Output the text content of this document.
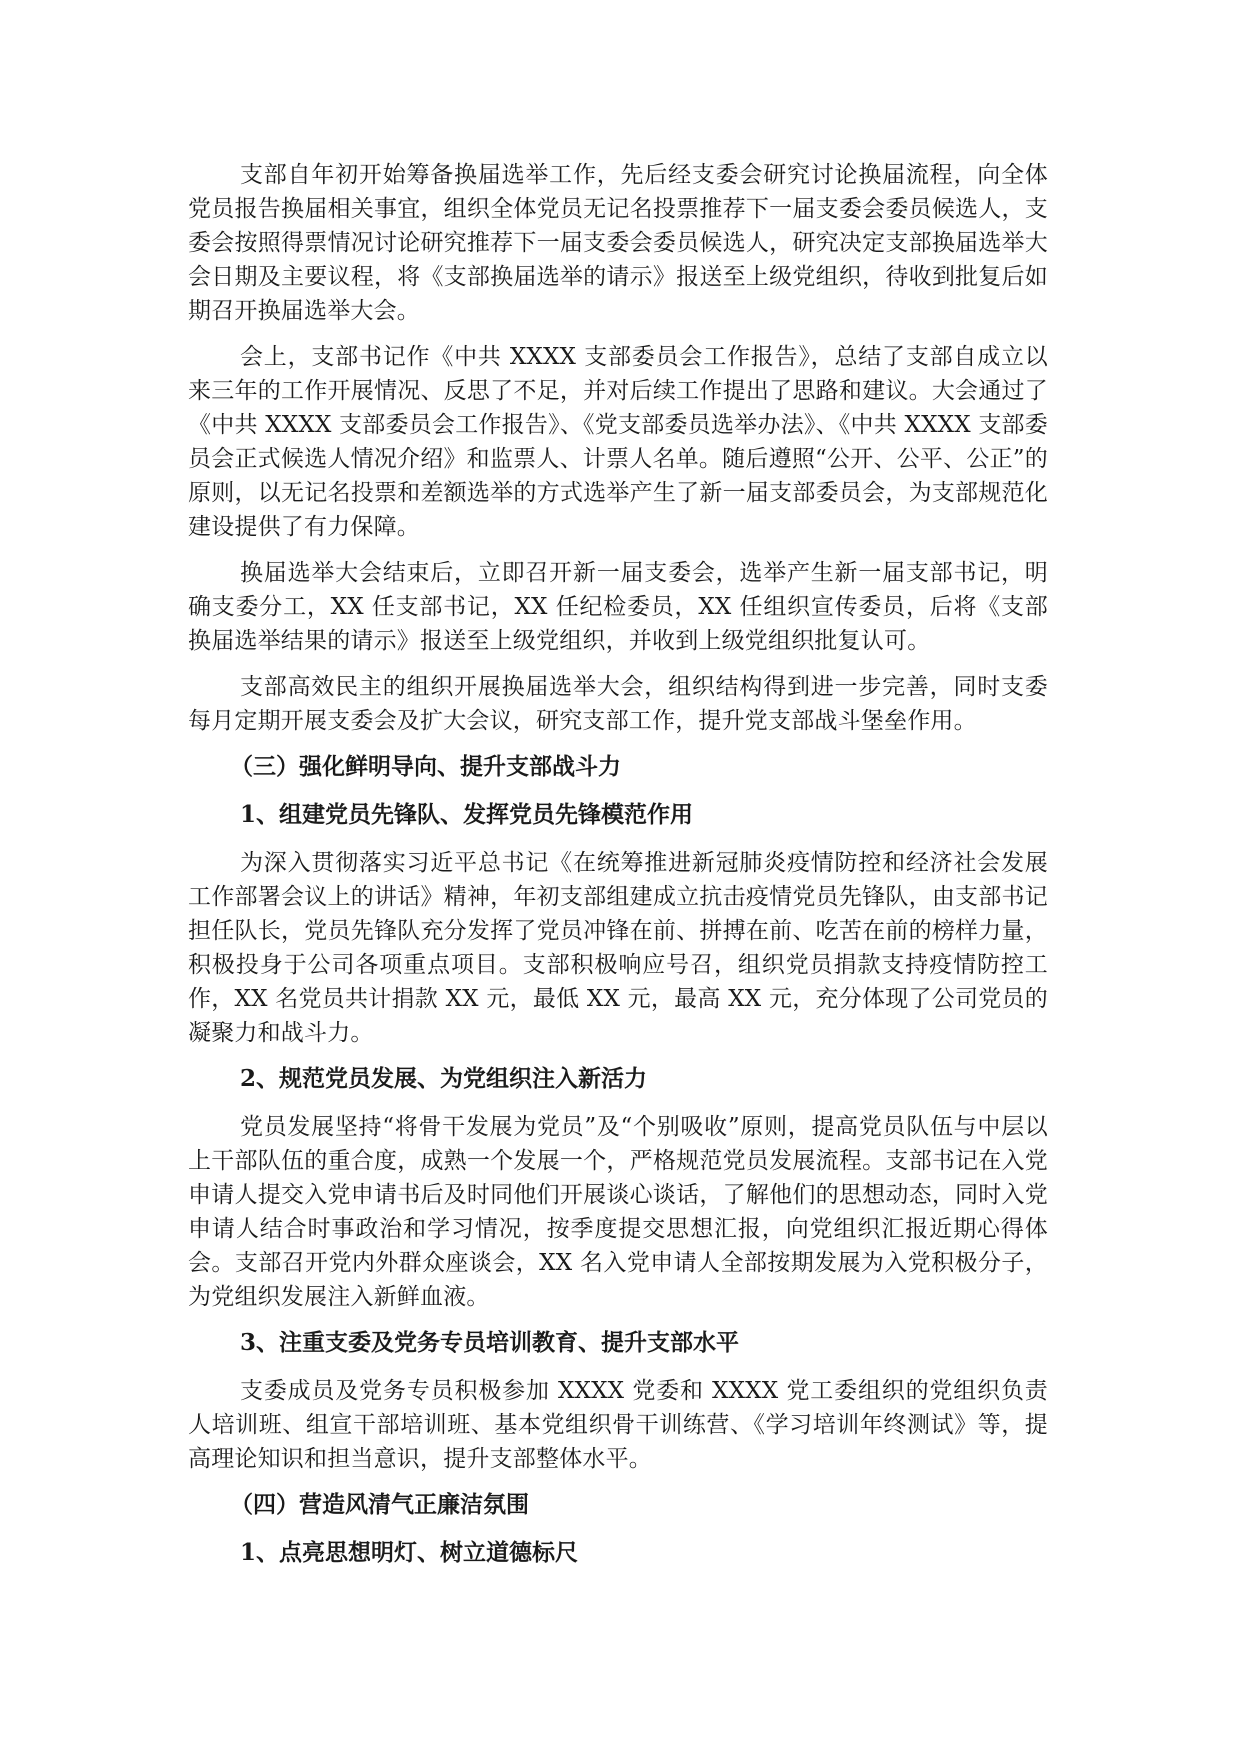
支部自年初开始筹备换届选举工作，先后经支委会研究讨论换届流程，向全体党员报告换届相关事宜，组织全体党员无记名投票推荐下一届支委会委员候选人，支委会按照得票情况讨论研究推荐下一届支委会委员候选人，研究决定支部换届选举大会日期及主要议程，将《支部换届选举的请示》报送至上级党组织，待收到批复后如期召开换届选举大会。

会上，支部书记作《中共 XXXX 支部委员会工作报告》，总结了支部自成立以来三年的工作开展情况、反思了不足，并对后续工作提出了思路和建议。大会通过了《中共 XXXX 支部委员会工作报告》、《党支部委员选举办法》、《中共 XXXX 支部委员会正式候选人情况介绍》和监票人、计票人名单。随后遵照“公开、公平、公正”的原则，以无记名投票和差额选举的方式选举产生了新一届支部委员会，为支部规范化建设提供了有力保障。

换届选举大会结束后，立即召开新一届支委会，选举产生新一届支部书记，明确支委分工，XX 任支部书记，XX 任纪检委员，XX 任组织宣传委员，后将《支部换届选举结果的请示》报送至上级党组织，并收到上级党组织批复认可。

支部高效民主的组织开展换届选举大会，组织结构得到进一步完善，同时支委每月定期开展支委会及扩大会议，研究支部工作，提升党支部战斗堡垒作用。

（三）强化鲜明导向、提升支部战斗力
1、组建党员先锋队、发挥党员先锋模范作用

为深入贯彻落实习近平总书记《在统筹推进新冠肺炎疫情防控和经济社会发展工作部署会议上的讲话》精神，年初支部组建成立抗击疫情党员先锋队，由支部书记担任队长，党员先锋队充分发挥了党员冲锋在前、拼搏在前、吃苦在前的榜样力量，积极投身于公司各项重点项目。支部积极响应号召，组织党员捐款支持疫情防控工作，XX 名党员共计捐款 XX 元，最低 XX 元，最高 XX 元，充分体现了公司党员的凝聚力和战斗力。

2、规范党员发展、为党组织注入新活力

党员发展坚持“将骨干发展为党员”及“个别吸收”原则，提高党员队伍与中层以上干部队伍的重合度，成熟一个发展一个，严格规范党员发展流程。支部书记在入党申请人提交入党申请书后及时同他们开展谈心谈话，了解他们的思想动态，同时入党申请人结合时事政治和学习情况，按季度提交思想汇报，向党组织汇报近期心得体会。支部召开党内外群众座谈会，XX 名入党申请人全部按期发展为入党积极分子，为党组织发展注入新鲜血液。

3、注重支委及党务专员培训教育、提升支部水平

支委成员及党务专员积极参加 XXXX 党委和 XXXX 党工委组织的党组织负责人培训班、组宣干部培训班、基本党组织骨干训练营、《学习培训年终测试》等，提高理论知识和担当意识，提升支部整体水平。

（四）营造风清气正廉洁氛围
1、点亮思想明灯、树立道德标尺
